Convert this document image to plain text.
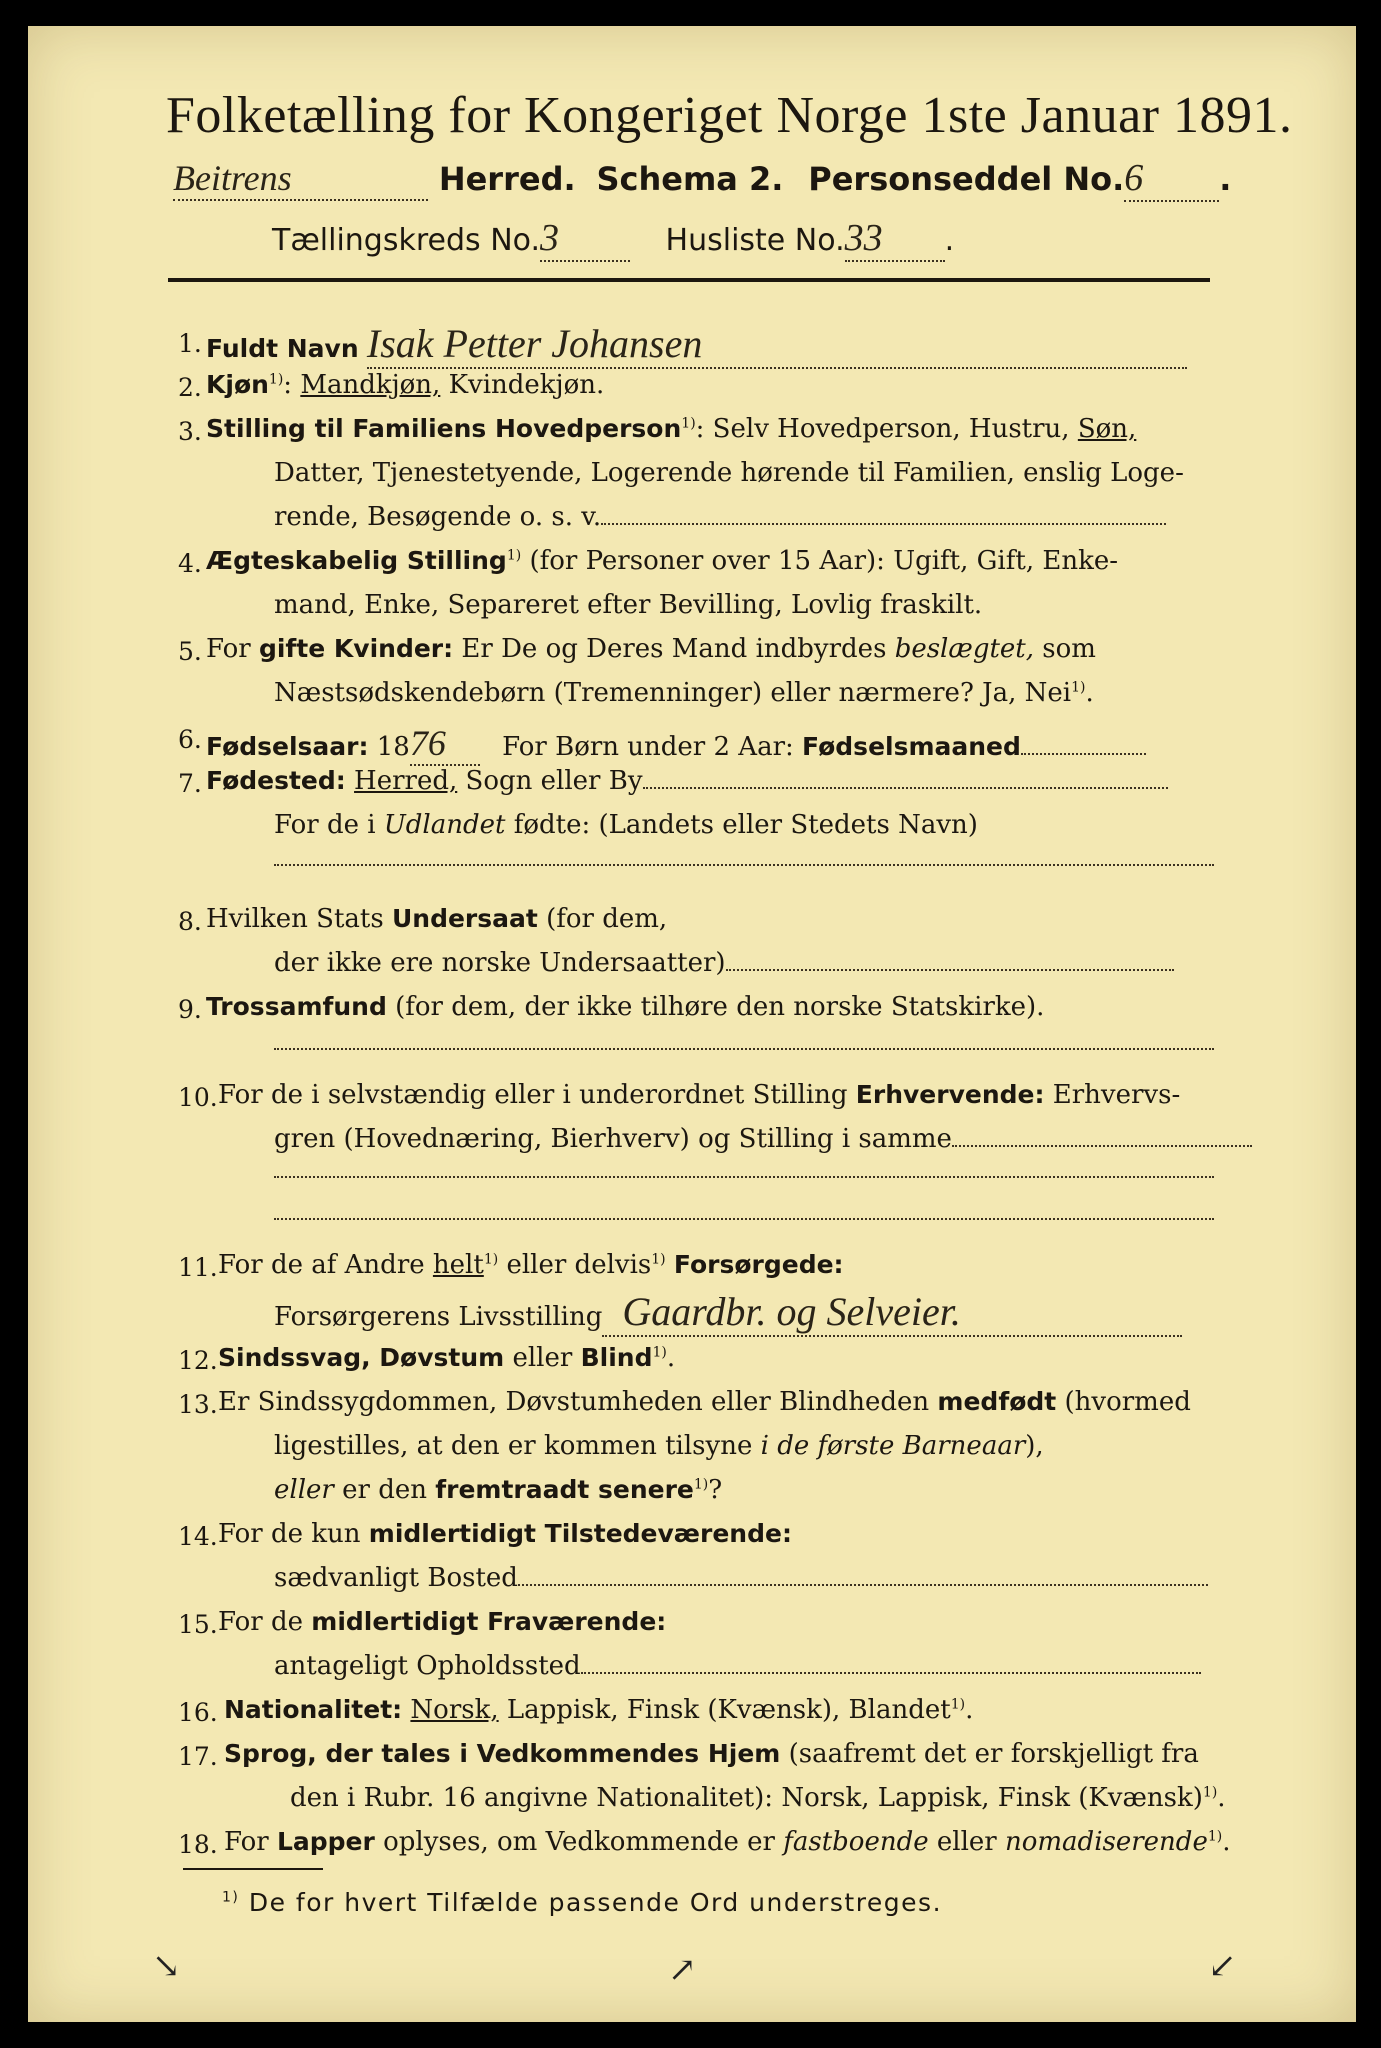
Folketælling for Kongeriget Norge 1ste Januar 1891.
Beitrens	Herred. Schema 2. Personseddel No.6 .
Tællingskreds No.3	Husliste No.33 .
1. Fuldt Navn Isak Petter Johansen
2. Kjøn$^{1)}$: Mandkjøn, Kvindekjøn.
3. Stilling til Familiens Hovedperson$^{1)}$: Selv Hovedperson, Hustru, Søn,
Datter, Tjenestetyende, Logerende hørende til Familien, enslig Loge-
rende, Besøgende o. s. v.
4. Ægteskabelig Stilling$^{1)}$ (for Personer over 15 Aar): Ugift, Gift, Enke-
mand, Enke, Separeret efter Bevilling, Lovlig fraskilt.
5. For gifte Kvinder: Er De og Deres Mand indbyrdes beslægtet, som
Næstsødskendebørn (Tremenninger) eller nærmere? Ja, Nei$^{1)}$.
6. Fødselsaar: 1876 For Børn under 2 Aar: Fødselsmaaned
7. Fødested: Herred, Sogn eller By
For de i Udlandet fødte: (Landets eller Stedets Navn)
8. Hvilken Stats Undersaat (for dem,
der ikke ere norske Undersaatter)
9. Trossamfund (for dem, der ikke tilhøre den norske Statskirke).
10. For de i selvstændig eller i underordnet Stilling Erhvervende: Erhvervs-
gren (Hovednæring, Bierhverv) og Stilling i samme
11. For de af Andre helt$^{1)}$ eller delvis$^{1)}$ Forsørgede:
Forsørgerens Livsstilling Gaardbr. og Selveier.
12. Sindssvag, Døvstum eller Blind$^{1)}$.
13. Er Sindssygdommen, Døvstumheden eller Blindheden medfødt (hvormed
ligestilles, at den er kommen tilsyne i de første Barneaar),
eller er den fremtraadt senere$^{1)}$?
14. For de kun midlertidigt Tilstedeværende:
sædvanligt Bosted
15. For de midlertidigt Fraværende:
antageligt Opholdssted
16. Nationalitet: Norsk, Lappisk, Finsk (Kvænsk), Blandet$^{1)}$.
17. Sprog, der tales i Vedkommendes Hjem (saafremt det er forskjelligt fra
den i Rubr. 16 angivne Nationalitet): Norsk, Lappisk, Finsk (Kvænsk)$^{1)}$.
18. For Lapper oplyses, om Vedkommende er fastboende eller nomadiserende$^{1)}$.
$^{1)}$ De for hvert Tilfælde passende Ord understreges.
↘	↗	↙
